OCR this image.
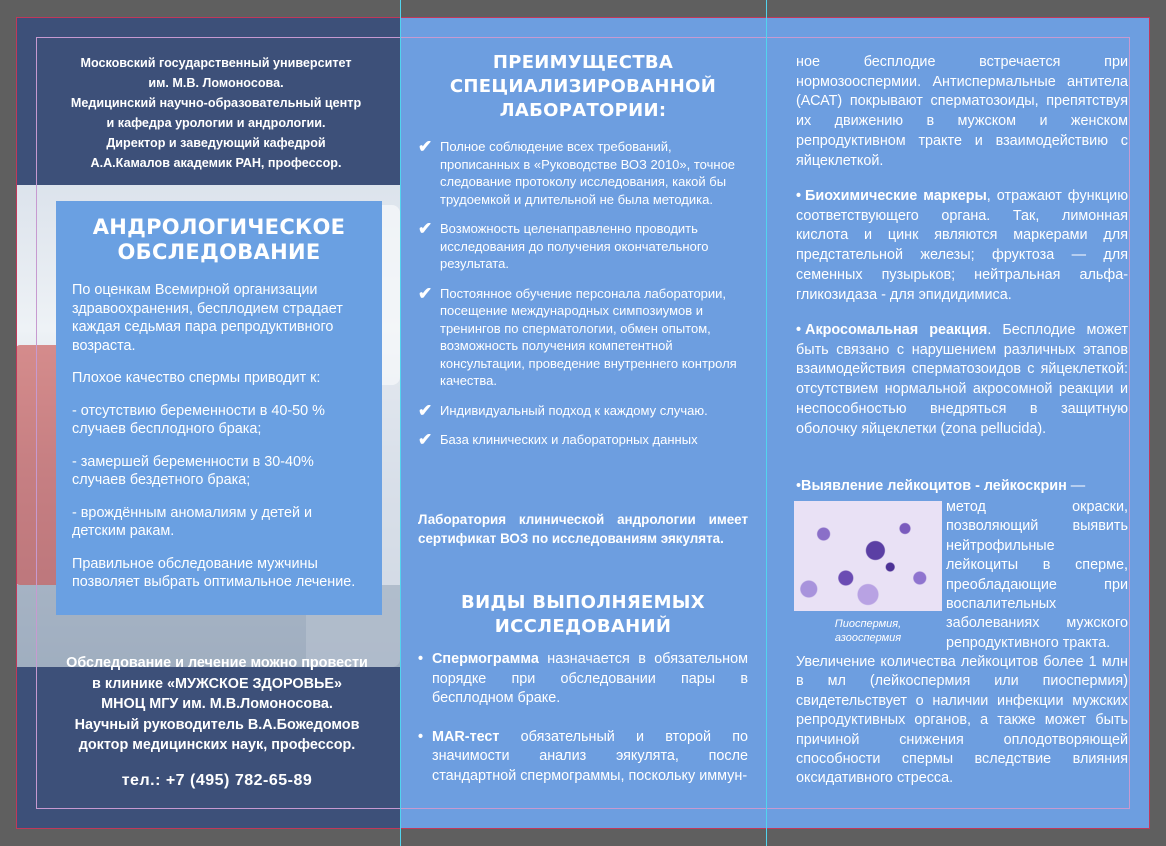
Московский государственный университет
им. М.В. Ломоносова.
Медицинский научно-образовательный центр
и кафедра урологии и андрологии.
Директор и заведующий кафедрой
А.А.Камалов академик РАН, профессор.
АНДРОЛОГИЧЕСКОЕ ОБСЛЕДОВАНИЕ

По оценкам Всемирной организации здравоохранения, бесплодием страдает каждая седьмая пара репродуктивного возраста.

Плохое качество спермы приводит к:

- отсутствию беременности в 40-50 % случаев бесплодного брака;

- замершей беременности в 30-40% случаев бездетного брака;

- врождённым аномалиям у детей и детским ракам.

Правильное обследование мужчины позволяет выбрать оптимальное лечение.

Обследование и лечение можно провести
в клинике «МУЖСКОЕ ЗДОРОВЬЕ»
МНОЦ МГУ им. М.В.Ломоносова.
Научный руководитель В.А.Божедомов
доктор медицинских наук, профессор.
тел.: +7 (495) 782-65-89
ПРЕИМУЩЕСТВА СПЕЦИАЛИЗИРОВАННОЙ ЛАБОРАТОРИИ:
✔ Полное соблюдение всех требований, прописанных в «Руководстве ВОЗ 2010», точное следование протоколу исследования, какой бы трудоемкой и длительной не была методика.
✔ Возможность целенаправленно проводить исследования до получения окончательного результата.
✔ Постоянное обучение персонала лаборатории, посещение международных симпозиумов и тренингов по сперматологии, обмен опытом, возможность получения компетентной консультации, проведение внутреннего контроля качества.
✔ Индивидуальный подход к каждому случаю.
✔ База клинических и лабораторных данных
Лаборатория клинической андрологии имеет сертификат ВОЗ по исследованиям эякулята.
ВИДЫ ВЫПОЛНЯЕМЫХ ИССЛЕДОВАНИЙ
• Спермограмма назначается в обязательном порядке при обследовании пары в бесплодном браке.
• MAR-тест обязательный и второй по значимости анализ эякулята, после стандартной спермограммы, поскольку иммун-
ное бесплодие встречается при нормозооспермии. Антиспермальные антитела (АСАТ) покрывают сперматозоиды, препятствуя их движению в мужском и женском репродуктивном тракте и взаимодействию с яйцеклеткой.
• Биохимические маркеры, отражают функцию соответствующего органа. Так, лимонная кислота и цинк являются маркерами для предстательной железы; фруктоза — для семенных пузырьков; нейтральная альфа-гликозидаза - для эпидидимиса.
• Акросомальная реакция. Бесплодие может быть связано с нарушением различных этапов взаимодействия сперматозоидов с яйцеклеткой: отсутствием нормальной акросомной реакции и неспособностью внедряться в защитную оболочку яйцеклетки (zona pellucida).
•Выявление лейкоцитов - лейкоскрин —
Пиоспермия,
азооспермия
метод окраски, позволяющий выявить нейтрофильные лейкоциты в сперме, преобладающие при воспалительных заболеваниях мужского репродуктивного тракта.
Увеличение количества лейкоцитов более 1 млн в мл (лейкоспермия или пиоспермия) свидетельствует о наличии инфекции мужских репродуктивных органов, а также может быть причиной снижения оплодотворяющей способности спермы вследствие влияния оксидативного стресса.
